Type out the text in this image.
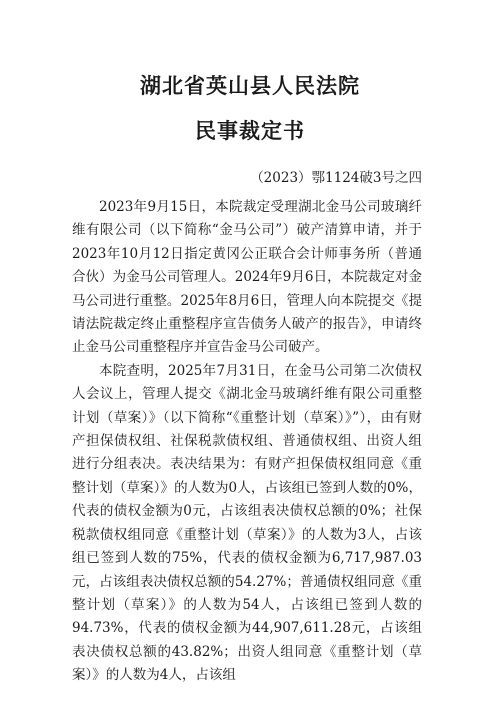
湖北省英山县人民法院
民事裁定书
（2023）鄂1124破3号之四

2023年9月15日，本院裁定受理湖北金马公司玻璃纤维有限公司（以下简称“金马公司”）破产清算申请，并于2023年10月12日指定黄冈公正联合会计师事务所（普通合伙）为金马公司管理人。2024年9月6日，本院裁定对金马公司进行重整。2025年8月6日，管理人向本院提交《提请法院裁定终止重整程序宣告债务人破产的报告》，申请终止金马公司重整程序并宣告金马公司破产。

本院查明，2025年7月31日，在金马公司第二次债权人会议上，管理人提交《湖北金马玻璃纤维有限公司重整计划（草案）》（以下简称“《重整计划（草案）》”），由有财产担保债权组、社保税款债权组、普通债权组、出资人组进行分组表决。表决结果为：有财产担保债权组同意《重整计划（草案）》的人数为0人，占该组已签到人数的0%，代表的债权金额为0元，占该组表决债权总额的0%；社保税款债权组同意《重整计划（草案）》的人数为3人，占该组已签到人数的75%，代表的债权金额为6,717,987.03元，占该组表决债权总额的54.27%；普通债权组同意《重整计划（草案）》的人数为54人，占该组已签到人数的94.73%，代表的债权金额为44,907,611.28元，占该组表决债权总额的43.82%；出资人组同意《重整计划（草案）》的人数为4人，占该组
